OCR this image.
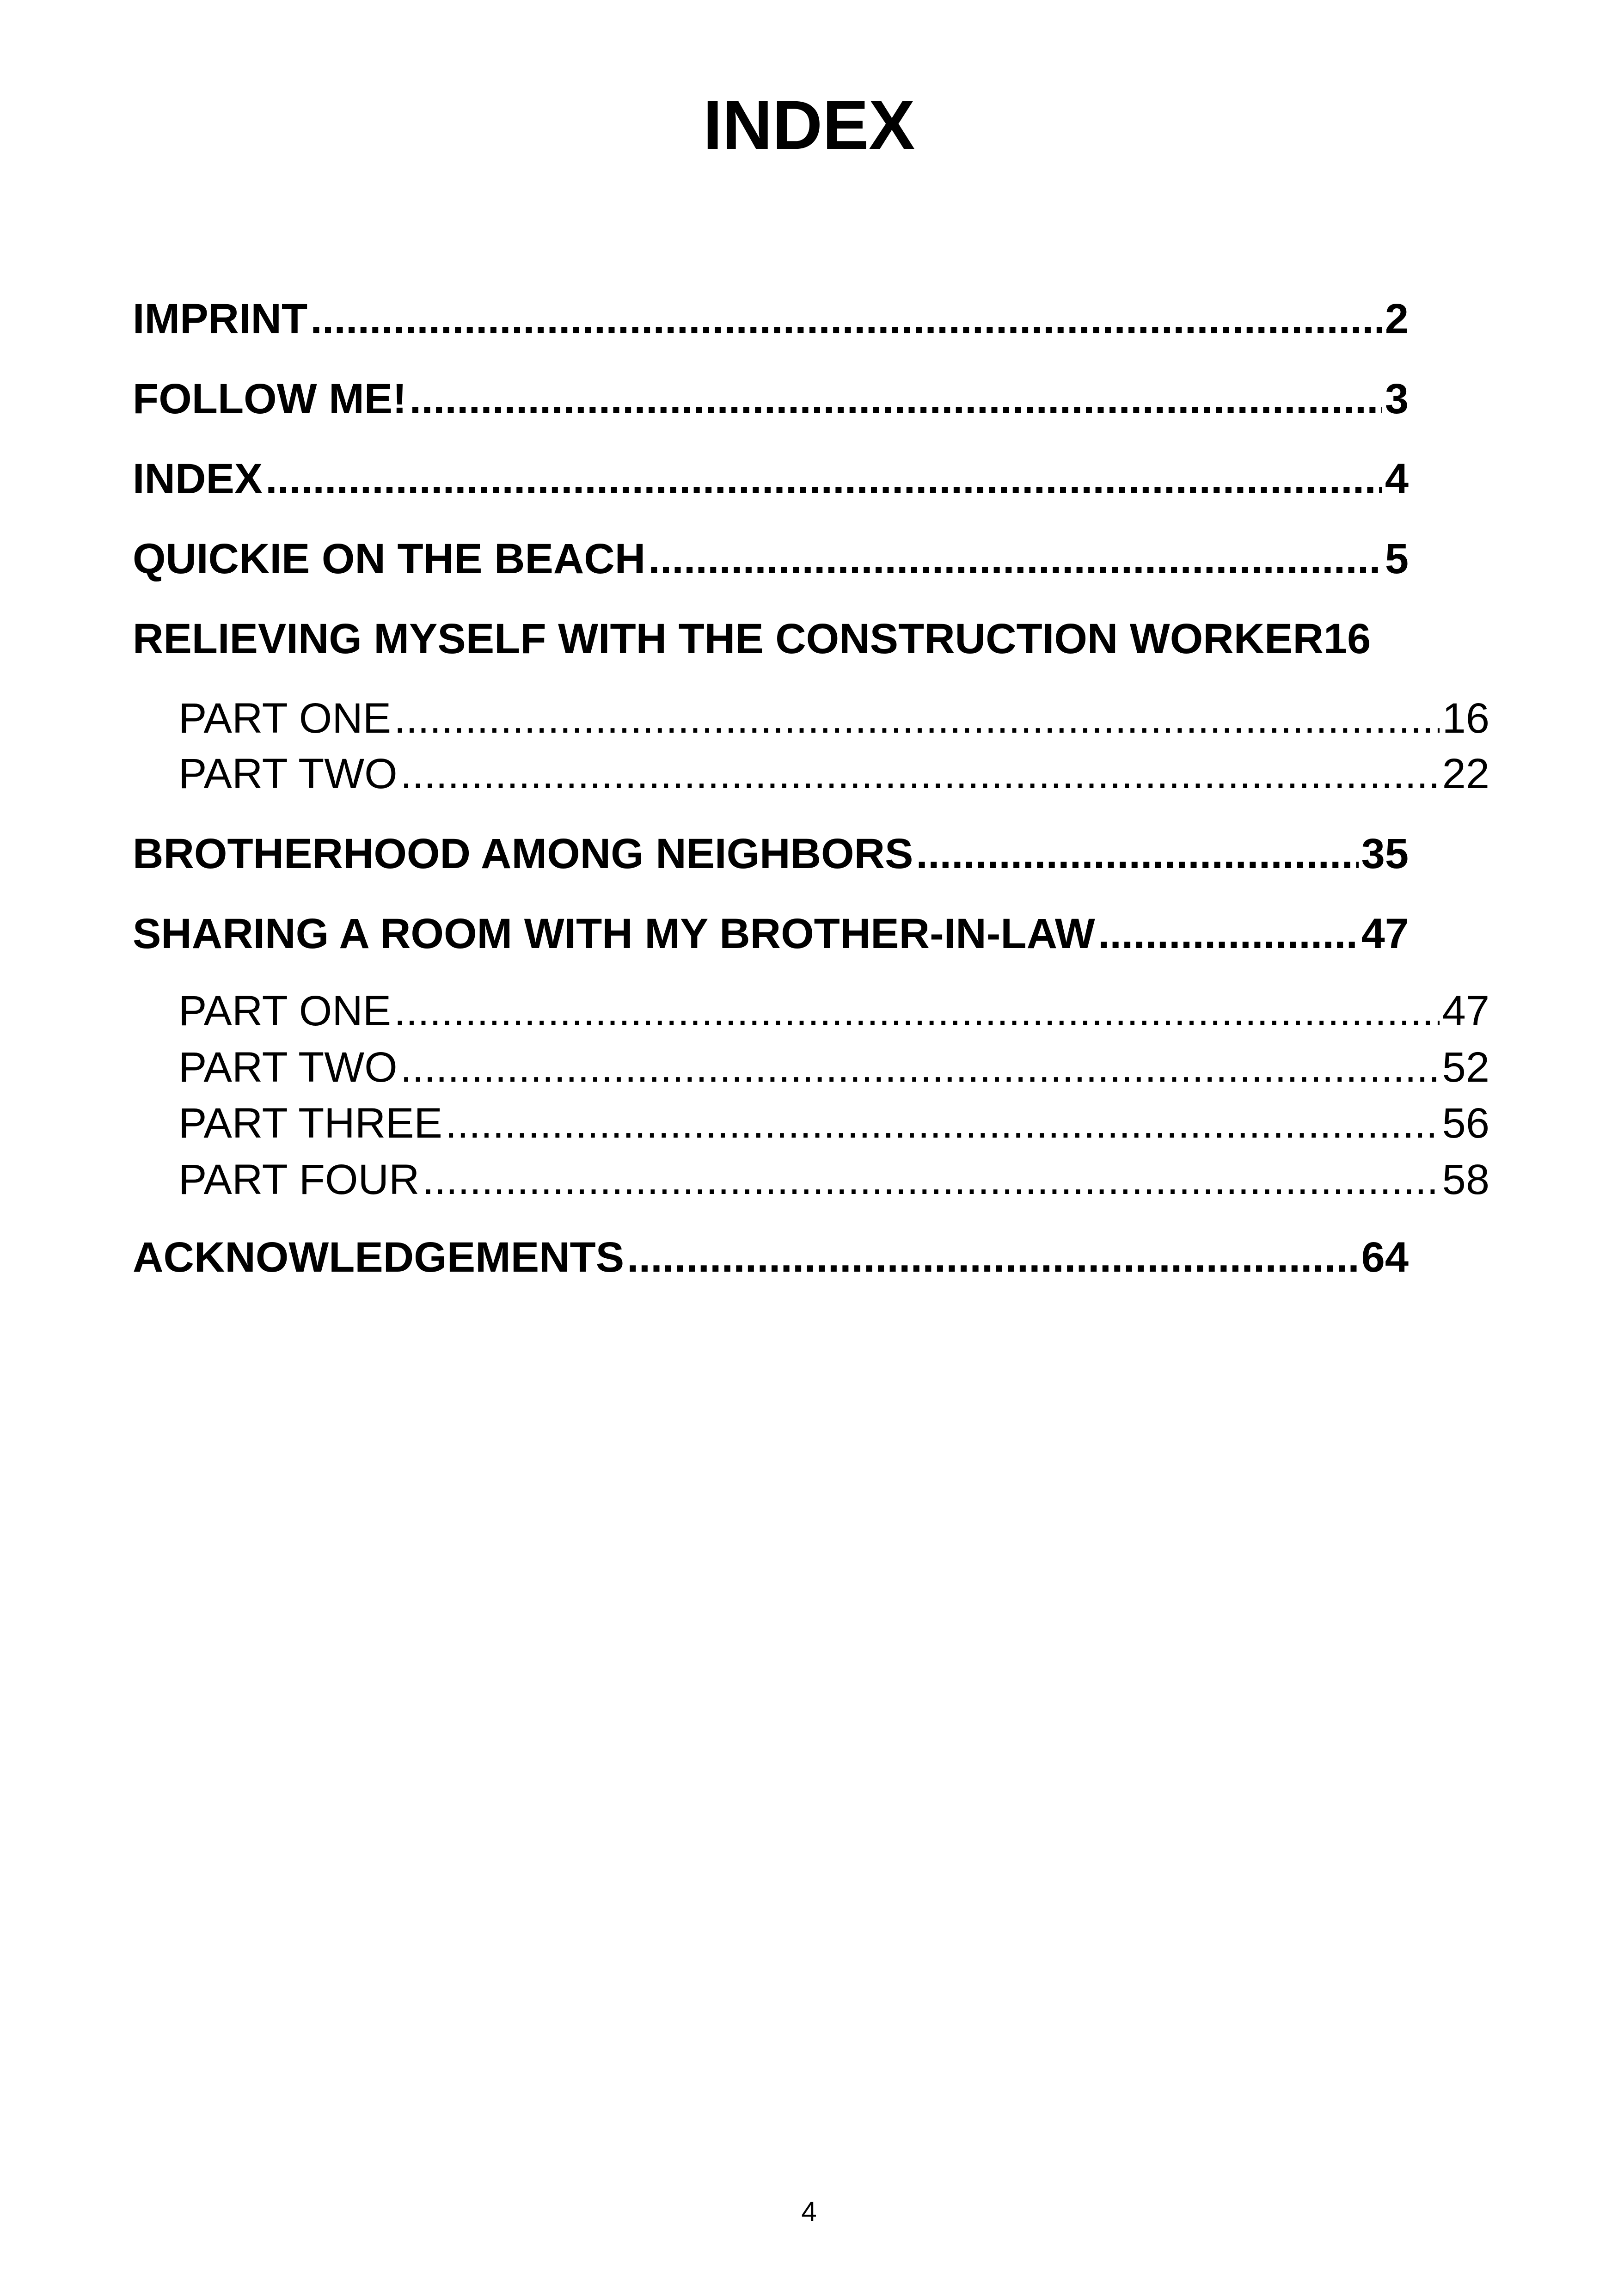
INDEX
IMPRINT .....	2
FOLLOW ME! .....	3
INDEX .....	4
QUICKIE ON THE BEACH .....	5
RELIEVING MYSELF WITH THE CONSTRUCTION WORKER 16
PART ONE .....	16
PART TWO .....	22
BROTHERHOOD AMONG NEIGHBORS .....	35
SHARING A ROOM WITH MY BROTHER-IN-LAW .....	47
PART ONE .....	47
PART TWO .....	52
PART THREE .....	56
PART FOUR .....	58
ACKNOWLEDGEMENTS .....	64
4
